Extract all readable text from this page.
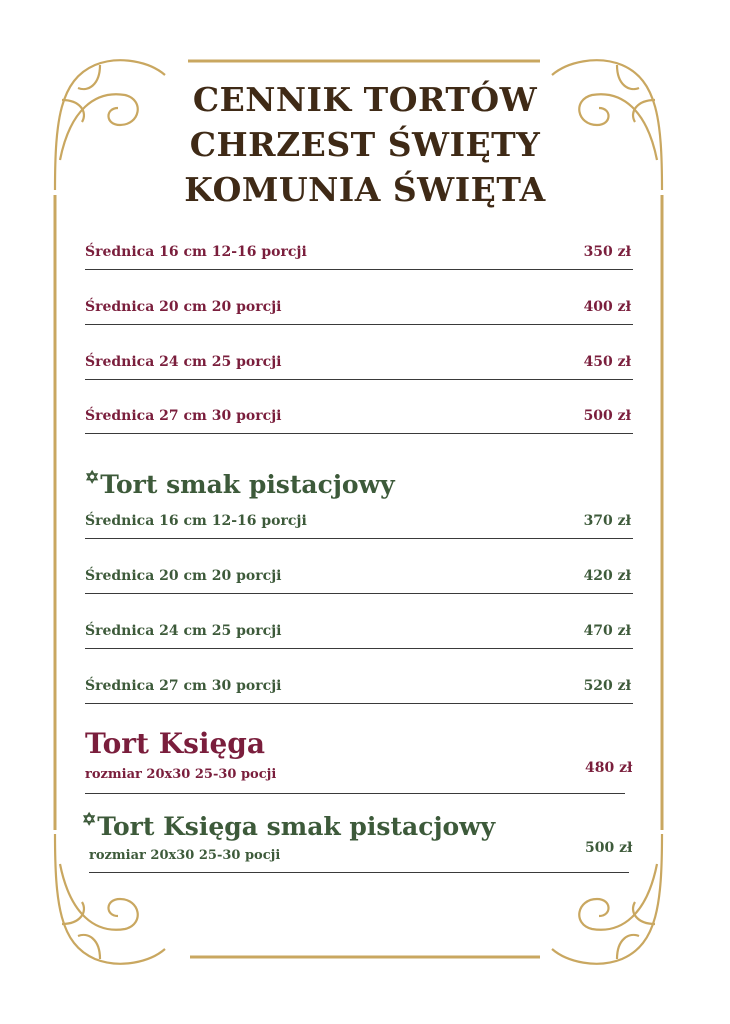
CENNIK TORTÓW
CHRZEST ŚWIĘTY
KOMUNIA ŚWIĘTA
Średnica 16 cm 12-16 porcji	350 zł
Średnica 20 cm 20 porcji	400 zł
Średnica 24 cm 25 porcji	450 zł
Średnica 27 cm 30 porcji	500 zł
✡Tort smak pistacjowy
Średnica 16 cm 12-16 porcji	370 zł
Średnica 20 cm 20 porcji	420 zł
Średnica 24 cm 25 porcji	470 zł
Średnica 27 cm 30 porcji	520 zł
Tort Księga
rozmiar 20x30 25-30 pocji	480 zł
✡Tort Księga smak pistacjowy
rozmiar 20x30 25-30 pocji	500 zł
